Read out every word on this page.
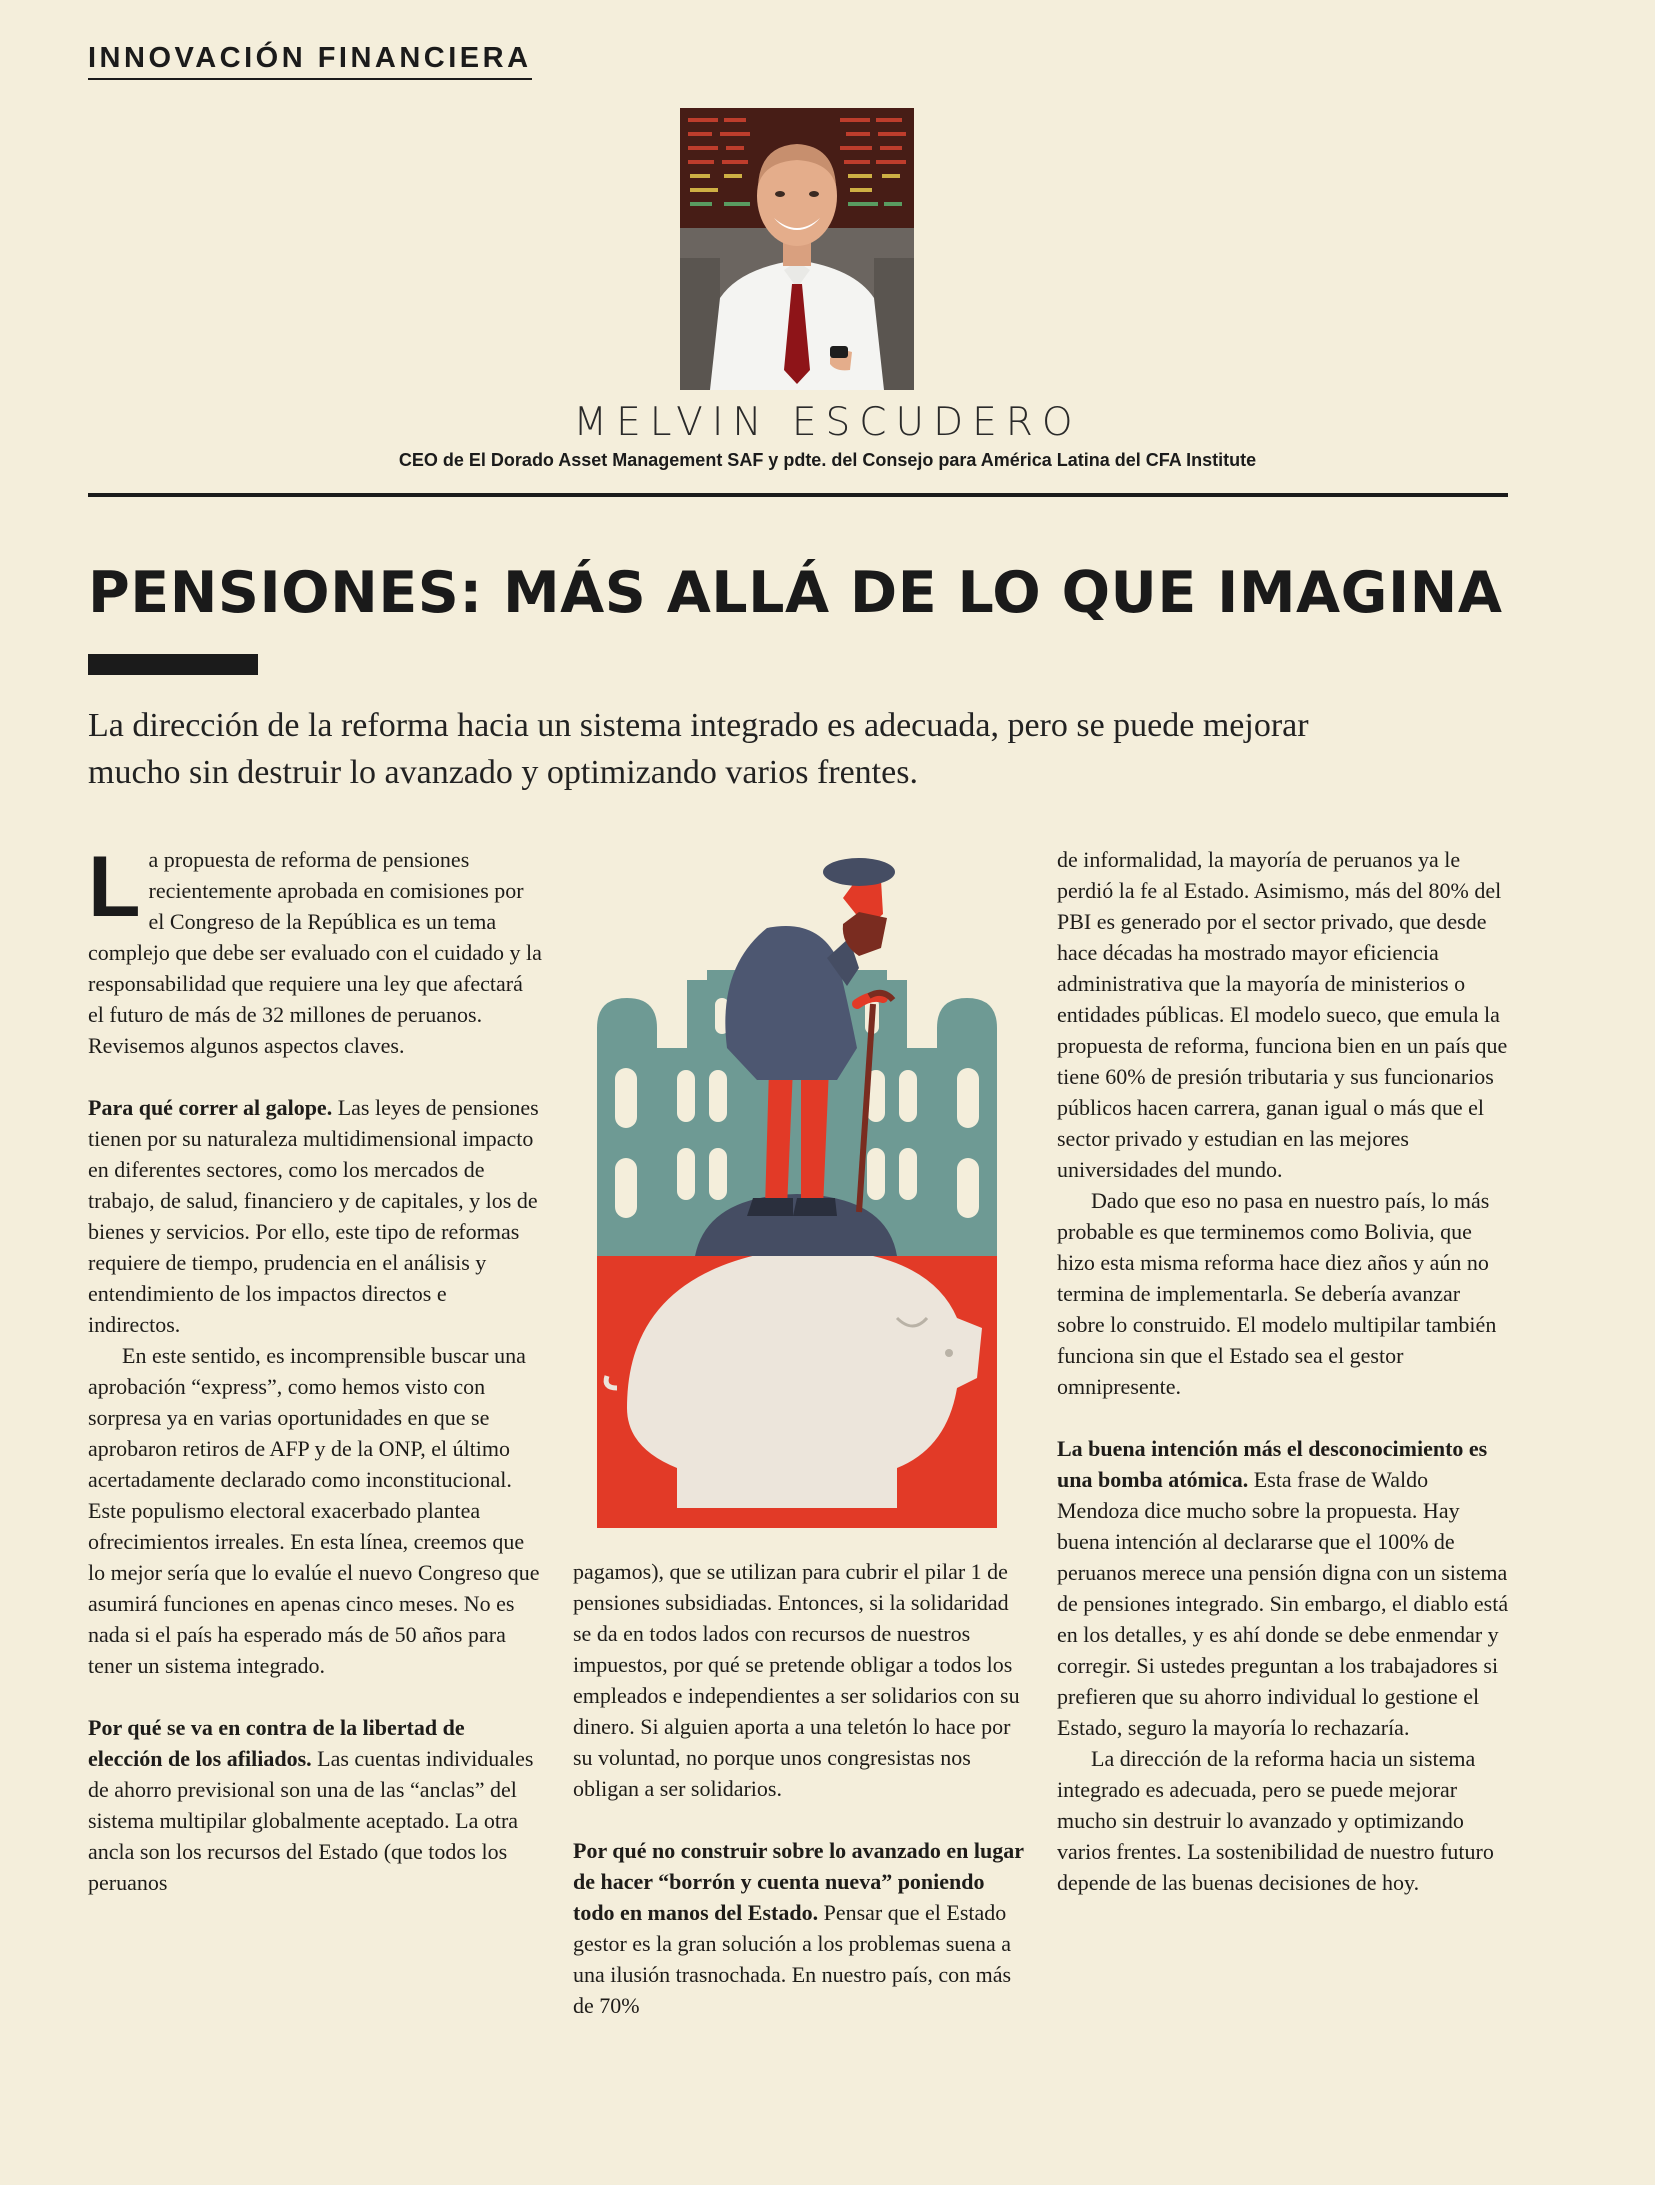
INNOVACIÓN FINANCIERA
MELVIN ESCUDERO
CEO de El Dorado Asset Management SAF y pdte. del Consejo para América Latina del CFA Institute
PENSIONES: MÁS ALLÁ DE LO QUE IMAGINA
La dirección de la reforma hacia un sistema integrado es adecuada, pero se puede mejorar mucho sin destruir lo avanzado y optimizando varios frentes.

La propuesta de reforma de pensiones recientemente aprobada en comisiones por el Congreso de la República es un tema complejo que debe ser evaluado con el cuidado y la responsabilidad que requiere una ley que afectará el futuro de más de 32 millones de peruanos. Revisemos algunos aspectos claves.

Para qué correr al galope. Las leyes de pensiones tienen por su naturaleza multidimensional impacto en diferentes sectores, como los mercados de trabajo, de salud, financiero y de capitales, y los de bienes y servicios. Por ello, este tipo de reformas requiere de tiempo, prudencia en el análisis y entendimiento de los impactos directos e indirectos.

En este sentido, es incomprensible buscar una aprobación “express”, como hemos visto con sorpresa ya en varias oportunidades en que se aprobaron retiros de AFP y de la ONP, el último acertadamente declarado como inconstitucional. Este populismo electoral exacerbado plantea ofrecimientos irreales. En esta línea, creemos que lo mejor sería que lo evalúe el nuevo Congreso que asumirá funciones en apenas cinco meses. No es nada si el país ha esperado más de 50 años para tener un sistema integrado.

Por qué se va en contra de la libertad de elección de los afiliados. Las cuentas individuales de ahorro previsional son una de las “anclas” del sistema multipilar globalmente aceptado. La otra ancla son los recursos del Estado (que todos los peruanos

pagamos), que se utilizan para cubrir el pilar 1 de pensiones subsidiadas. Entonces, si la solidaridad se da en todos lados con recursos de nuestros impuestos, por qué se pretende obligar a todos los empleados e independientes a ser solidarios con su dinero. Si alguien aporta a una teletón lo hace por su voluntad, no porque unos congresistas nos obligan a ser solidarios.

Por qué no construir sobre lo avanzado en lugar de hacer “borrón y cuenta nueva” poniendo todo en manos del Estado. Pensar que el Estado gestor es la gran solución a los problemas suena a una ilusión trasnochada. En nuestro país, con más de 70%

de informalidad, la mayoría de peruanos ya le perdió la fe al Estado. Asimismo, más del 80% del PBI es generado por el sector privado, que desde hace décadas ha mostrado mayor eficiencia administrativa que la mayoría de ministerios o entidades públicas. El modelo sueco, que emula la propuesta de reforma, funciona bien en un país que tiene 60% de presión tributaria y sus funcionarios públicos hacen carrera, ganan igual o más que el sector privado y estudian en las mejores universidades del mundo.

Dado que eso no pasa en nuestro país, lo más probable es que terminemos como Bolivia, que hizo esta misma reforma hace diez años y aún no termina de implementarla. Se debería avanzar sobre lo construido. El modelo multipilar también funciona sin que el Estado sea el gestor omnipresente.

La buena intención más el desconocimiento es una bomba atómica. Esta frase de Waldo Mendoza dice mucho sobre la propuesta. Hay buena intención al declararse que el 100% de peruanos merece una pensión digna con un sistema de pensiones integrado. Sin embargo, el diablo está en los detalles, y es ahí donde se debe enmendar y corregir. Si ustedes preguntan a los trabajadores si prefieren que su ahorro individual lo gestione el Estado, seguro la mayoría lo rechazaría.

La dirección de la reforma hacia un sistema integrado es adecuada, pero se puede mejorar mucho sin destruir lo avanzado y optimizando varios frentes. La sostenibilidad de nuestro futuro depende de las buenas decisiones de hoy.
